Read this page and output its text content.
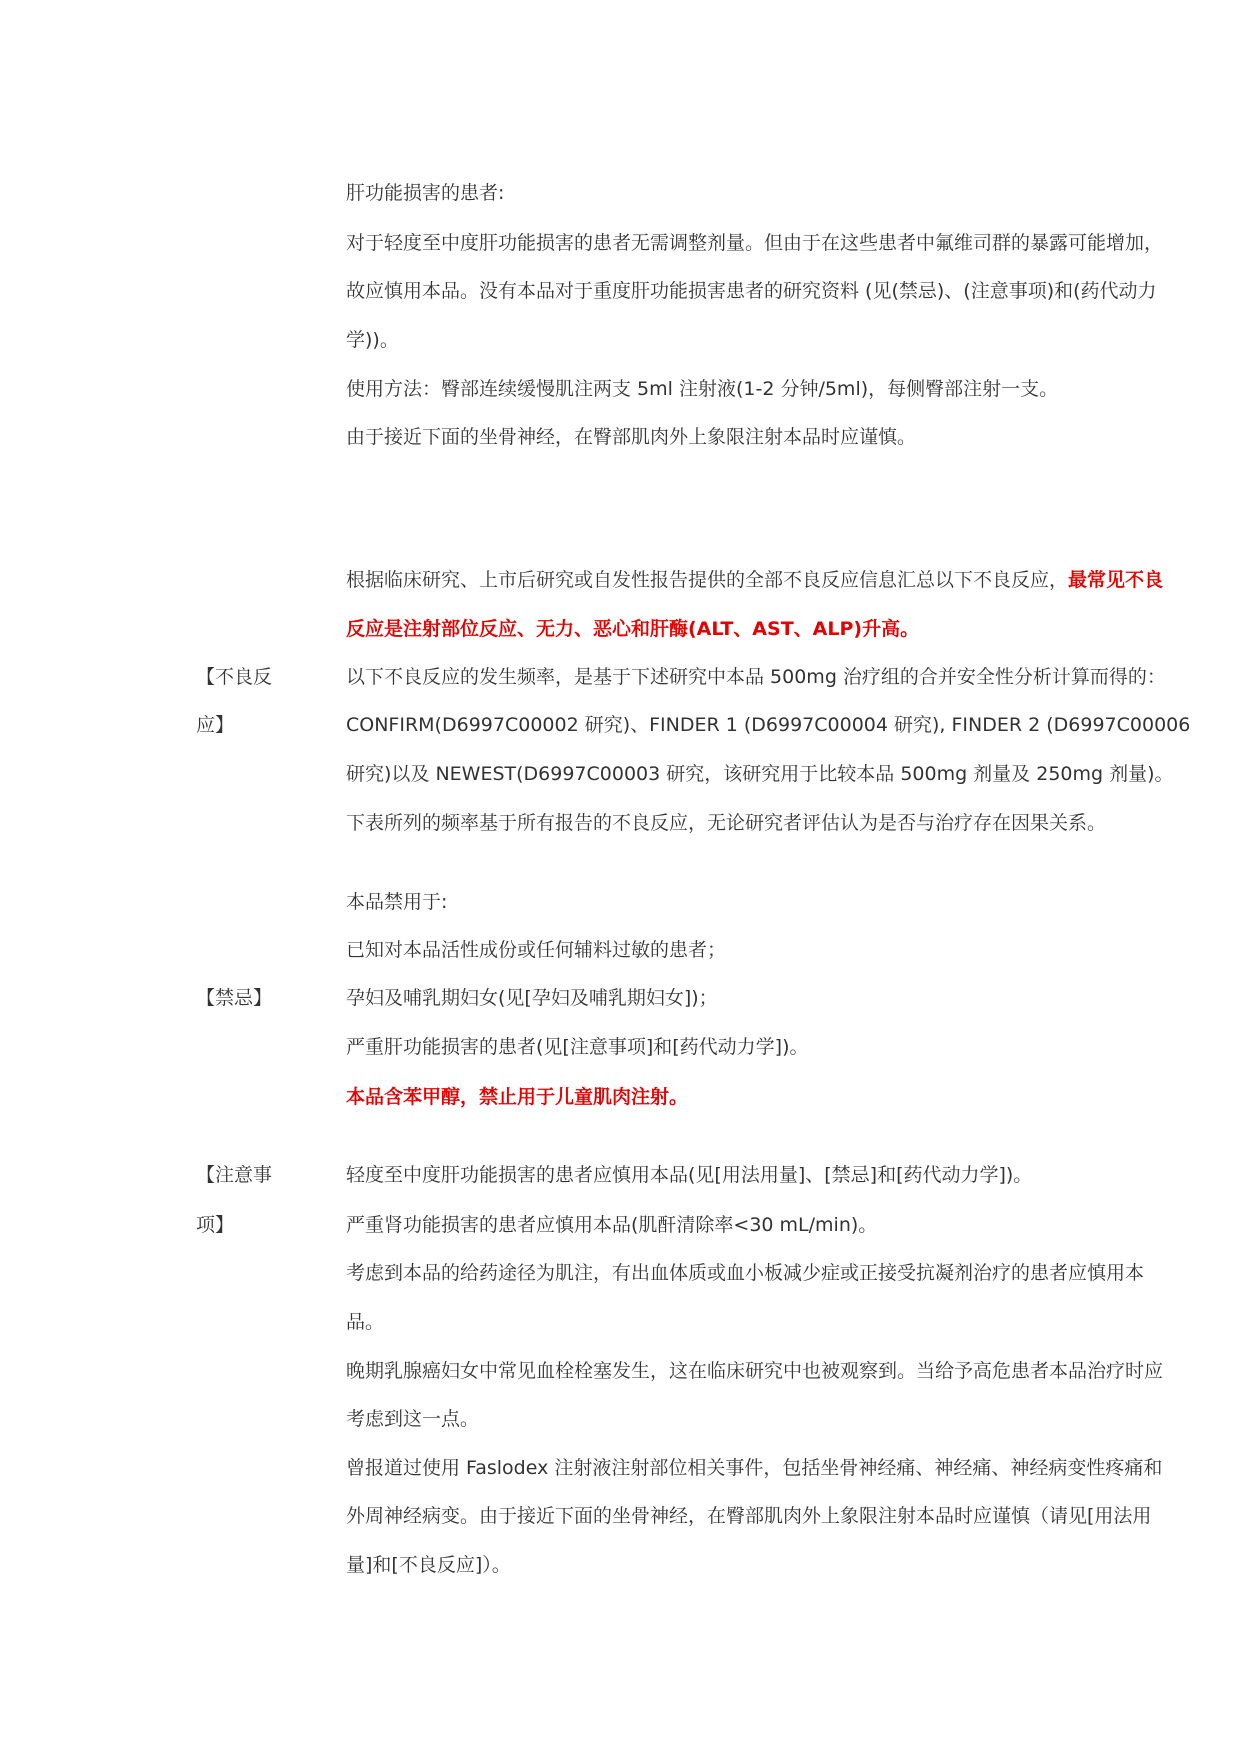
肝功能损害的患者:
对于轻度至中度肝功能损害的患者无需调整剂量。但由于在这些患者中氟维司群的暴露可能增加，
故应慎用本品。没有本品对于重度肝功能损害患者的研究资料 (见(禁忌)、(注意事项)和(药代动力
学))。
使用方法：臀部连续缓慢肌注两支 5ml 注射液(1-2 分钟/5ml)，每侧臀部注射一支。
由于接近下面的坐骨神经，在臀部肌肉外上象限注射本品时应谨慎。
【不良反
应】
根据临床研究、上市后研究或自发性报告提供的全部不良反应信息汇总以下不良反应，最常见不良
反应是注射部位反应、无力、恶心和肝酶(ALT、AST、ALP)升高。
以下不良反应的发生频率，是基于下述研究中本品 500mg 治疗组的合并安全性分析计算而得的：
CONFIRM(D6997C00002 研究)、FINDER 1 (D6997C00004 研究), FINDER 2 (D6997C00006
研究)以及 NEWEST(D6997C00003 研究，该研究用于比较本品 500mg 剂量及 250mg 剂量)。
下表所列的频率基于所有报告的不良反应，无论研究者评估认为是否与治疗存在因果关系。
【禁忌】
本品禁用于:
已知对本品活性成份或任何辅料过敏的患者；
孕妇及哺乳期妇女(见[孕妇及哺乳期妇女])；
严重肝功能损害的患者(见[注意事项]和[药代动力学])。
本品含苯甲醇，禁止用于儿童肌肉注射。
【注意事
项】
轻度至中度肝功能损害的患者应慎用本品(见[用法用量]、[禁忌]和[药代动力学])。
严重肾功能损害的患者应慎用本品(肌酐清除率<30 mL/min)。
考虑到本品的给药途径为肌注，有出血体质或血小板减少症或正接受抗凝剂治疗的患者应慎用本
品。
晚期乳腺癌妇女中常见血栓栓塞发生，这在临床研究中也被观察到。当给予高危患者本品治疗时应
考虑到这一点。
曾报道过使用 Faslodex 注射液注射部位相关事件，包括坐骨神经痛、神经痛、神经病变性疼痛和
外周神经病变。由于接近下面的坐骨神经，在臀部肌肉外上象限注射本品时应谨慎（请见[用法用
量]和[不良反应]）。
